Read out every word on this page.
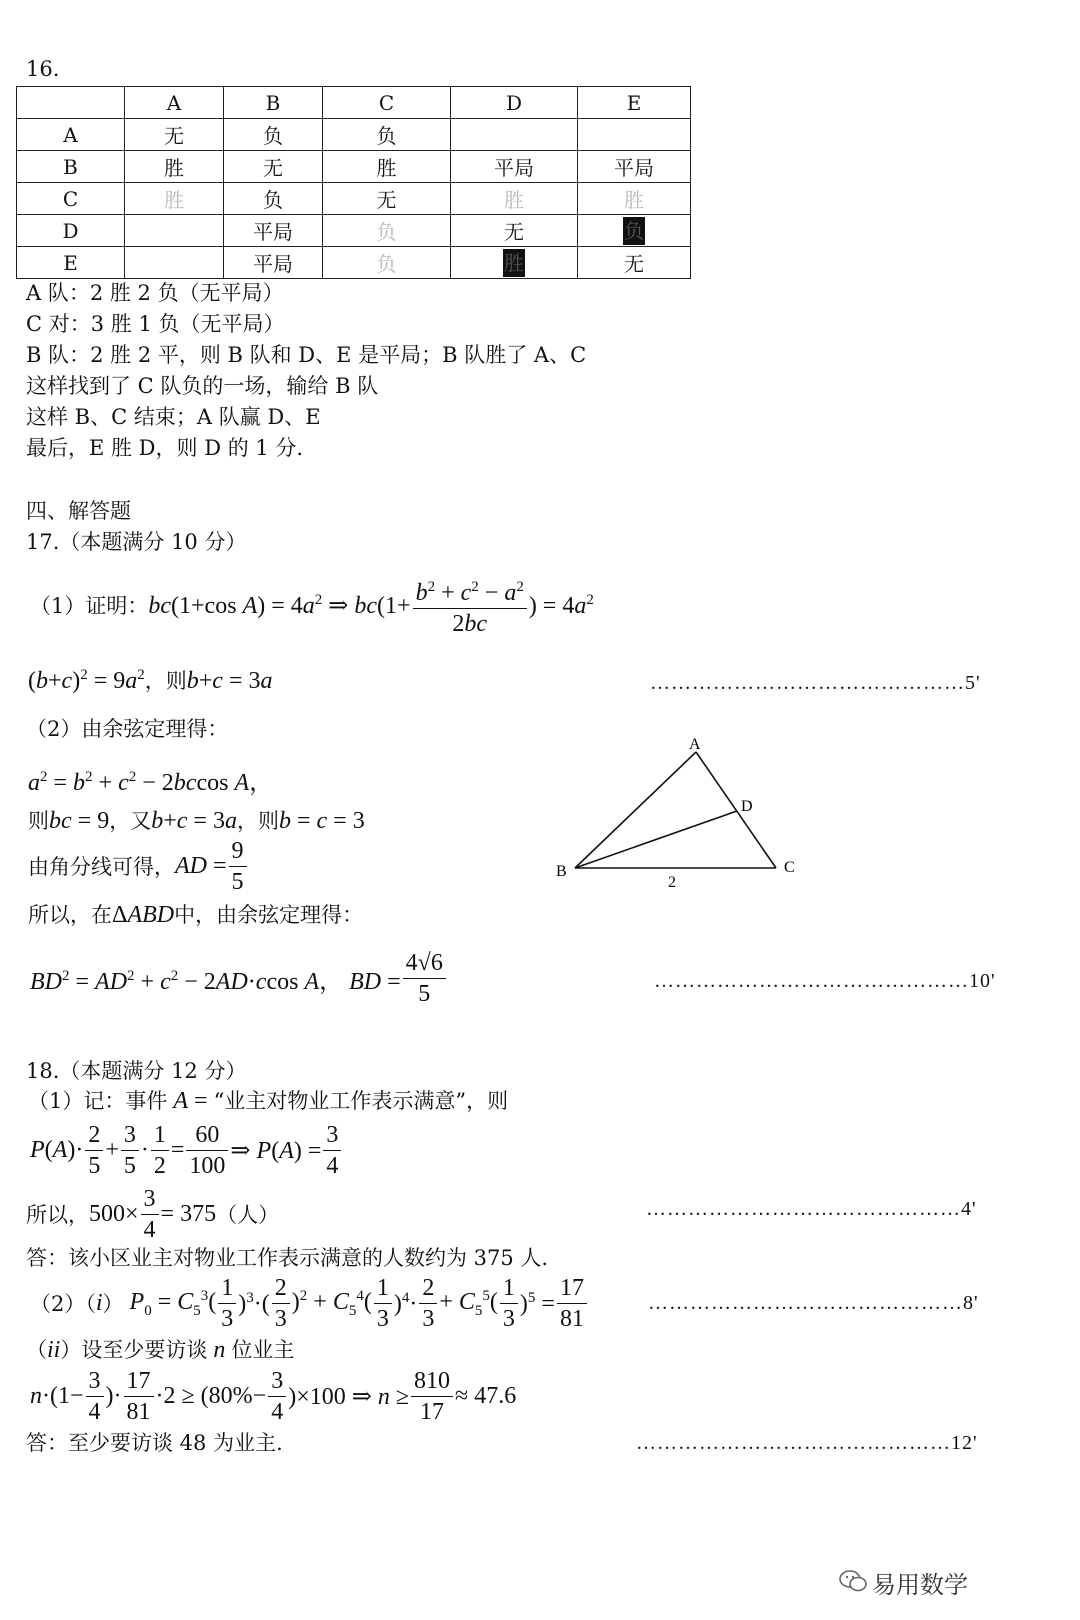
16.
	A	B	C	D	E
A	无	负	负		
B	胜	无	胜	平局	平局
C	胜	负	无	胜	胜
D		平局	负	无	负
E		平局	负	胜	无
A 队：2 胜 2 负（无平局）
C 对：3 胜 1 负（无平局）
B 队：2 胜 2 平，则 B 队和 D、E 是平局；B 队胜了 A、C
这样找到了 C 队负的一场，输给 B 队
这样 B、C 结束；A 队赢 D、E
最后，E 胜 D，则 D 的 1 分.
四、解答题
17.（本题满分 10 分）
（1）证明： bc(1+cos $A) = 4a^2$ ⇒ $bc(1+ \frac{b^2 + c^2 - a^2}{2bc}$ ) = $4a^2$
$(b+c)^2 = 9a^2$ ，则 b+c = 3a	………………………………………5'
（2）由余弦定理得：
$a^2 = b^2 + c^2 - 2bccos$ A，
则 bc = 9 ，又 b+c = 3a ，则 b = c = 3
由角分线可得， AD = $\frac{9}{5}$
所以，在 ΔABD 中，由余弦定理得：
$BD^2 = AD^2 + c^2 - 2AD\cdot ccos$ A， BD = $\frac{4√6}{5}$	………………………………………10'
A
D
B	C
2
18.（本题满分 12 分）
（1）记：事件 A = “业主对物业工作表示满意”，则
$P(A)\cdot \frac{2}{5} + \frac{3}{5} \cdot \frac{1}{2} = \frac{60}{100}$ ⇒ $P(A) = \frac{3}{4}$
所以， $500\times \frac{3}{4} = 375$ （人）	………………………………………4'
答：该小区业主对物业工作表示满意的人数约为 375 人.
（2）（ i ） $P_0 = C_5^3( \frac{1}{3} )^3\cdot( \frac{2}{3} )^2 + C_5^4( \frac{1}{3} )^4\cdot \frac{2}{3} + C_5^5( \frac{1}{3} )^5 = \frac{17}{81}$	………………………………………8'
（ ii ）设至少要访谈 n 位业主
$n\cdot(1- \frac{3}{4}$ )· $\frac{17}{81} \cdot 2 \ge (80\%- \frac{3}{4} )\times 100$ ⇒ $n \ge \frac{810}{17} \approx 47.6$
答：至少要访谈 48 为业主.	………………………………………12'
易用数学
